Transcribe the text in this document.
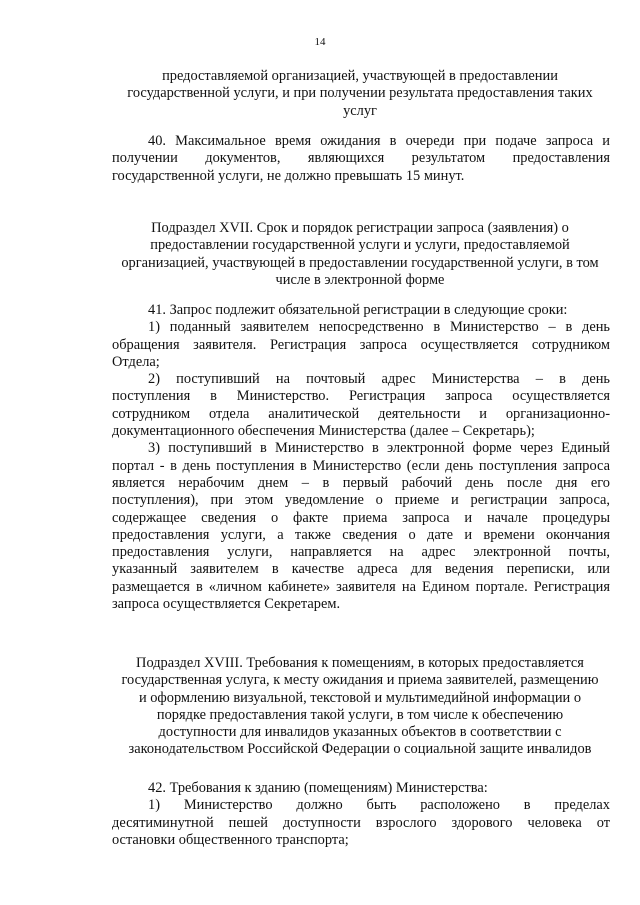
14
предоставляемой организацией, участвующей в предоставлении
государственной услуги, и при получении результата предоставления таких
услуг
40. Максимальное время ожидания в очереди при подаче запроса и
получении документов, являющихся результатом предоставления
государственной услуги, не должно превышать 15 минут.
Подраздел XVII. Срок и порядок регистрации запроса (заявления) о
предоставлении государственной услуги и услуги, предоставляемой
организацией, участвующей в предоставлении государственной услуги, в том
числе в электронной форме
41. Запрос подлежит обязательной регистрации в следующие сроки:
1) поданный заявителем непосредственно в Министерство – в день
обращения заявителя. Регистрация запроса осуществляется сотрудником
Отдела;
2) поступивший на почтовый адрес Министерства – в день
поступления в Министерство. Регистрация запроса осуществляется
сотрудником отдела аналитической деятельности и организационно-
документационного обеспечения Министерства (далее – Секретарь);
3) поступивший в Министерство в электронной форме через Единый
портал - в день поступления в Министерство (если день поступления запроса
является нерабочим днем – в первый рабочий день после дня его
поступления), при этом уведомление о приеме и регистрации запроса,
содержащее сведения о факте приема запроса и начале процедуры
предоставления услуги, а также сведения о дате и времени окончания
предоставления услуги, направляется на адрес электронной почты,
указанный заявителем в качестве адреса для ведения переписки, или
размещается в «личном кабинете» заявителя на Едином портале. Регистрация
запроса осуществляется Секретарем.
Подраздел XVIII. Требования к помещениям, в которых предоставляется
государственная услуга, к месту ожидания и приема заявителей, размещению
и оформлению визуальной, текстовой и мультимедийной информации о
порядке предоставления такой услуги, в том числе к обеспечению
доступности для инвалидов указанных объектов в соответствии с
законодательством Российской Федерации о социальной защите инвалидов
42. Требования к зданию (помещениям) Министерства:
1) Министерство должно быть расположено в пределах
десятиминутной пешей доступности взрослого здорового человека от
остановки общественного транспорта;
